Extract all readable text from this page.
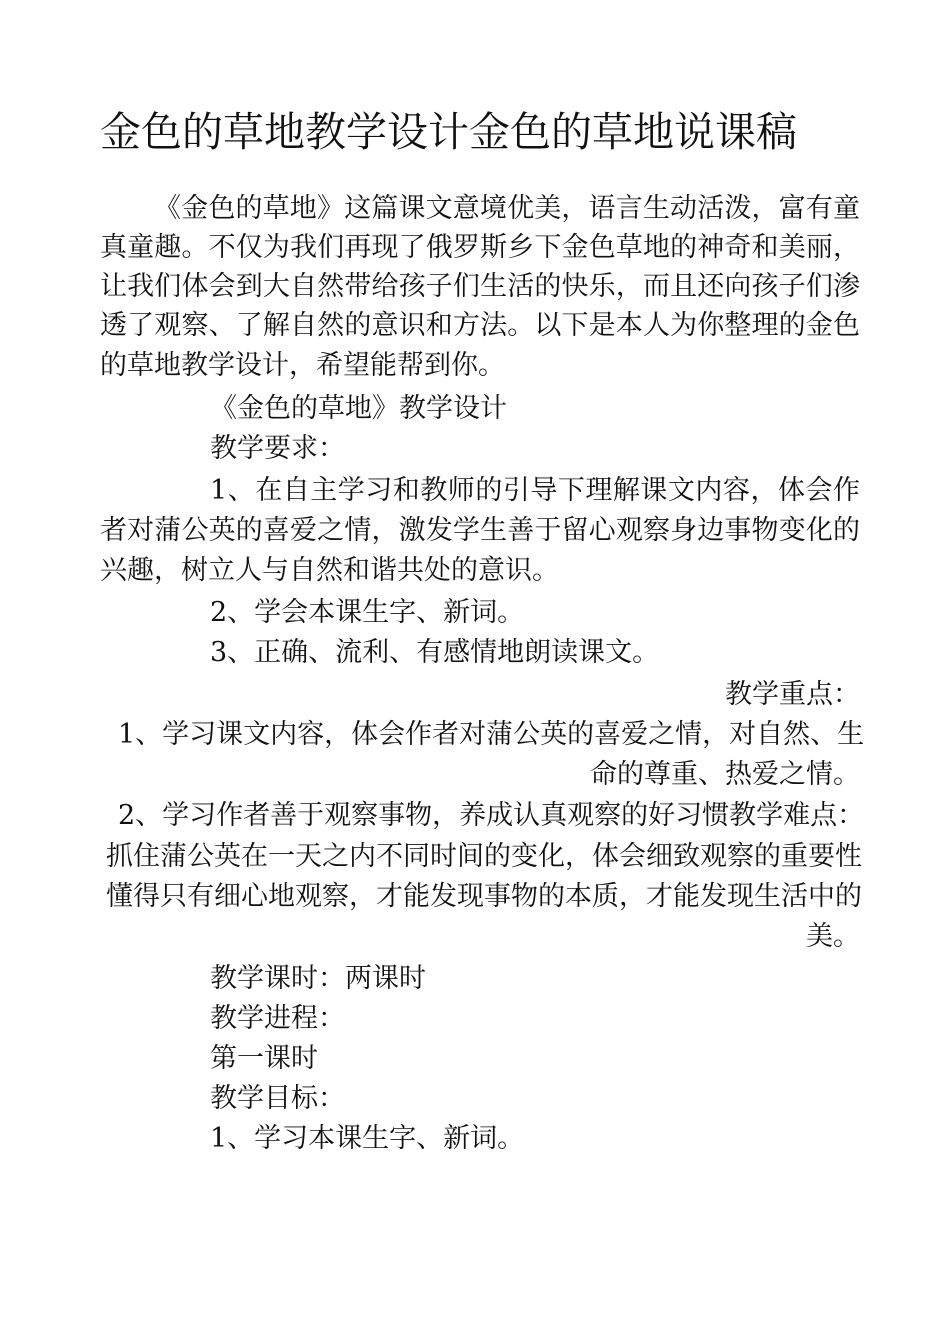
金色的草地教学设计金色的草地说课稿
《金色的草地》这篇课文意境优美，语言生动活泼，富有童
真童趣。不仅为我们再现了俄罗斯乡下金色草地的神奇和美丽，
让我们体会到大自然带给孩子们生活的快乐，而且还向孩子们渗
透了观察、了解自然的意识和方法。以下是本人为你整理的金色
的草地教学设计，希望能帮到你。
《金色的草地》教学设计
教学要求：
1、在自主学习和教师的引导下理解课文内容，体会作
者对蒲公英的喜爱之情，激发学生善于留心观察身边事物变化的
兴趣，树立人与自然和谐共处的意识。
2、学会本课生字、新词。
3、正确、流利、有感情地朗读课文。
教学重点：
1、学习课文内容，体会作者对蒲公英的喜爱之情，对自然、生
命的尊重、热爱之情。
2、学习作者善于观察事物，养成认真观察的好习惯教学难点：
抓住蒲公英在一天之内不同时间的变化，体会细致观察的重要性
懂得只有细心地观察，才能发现事物的本质，才能发现生活中的
美。
教学课时：两课时
教学进程：
第一课时
教学目标：
1、学习本课生字、新词。
